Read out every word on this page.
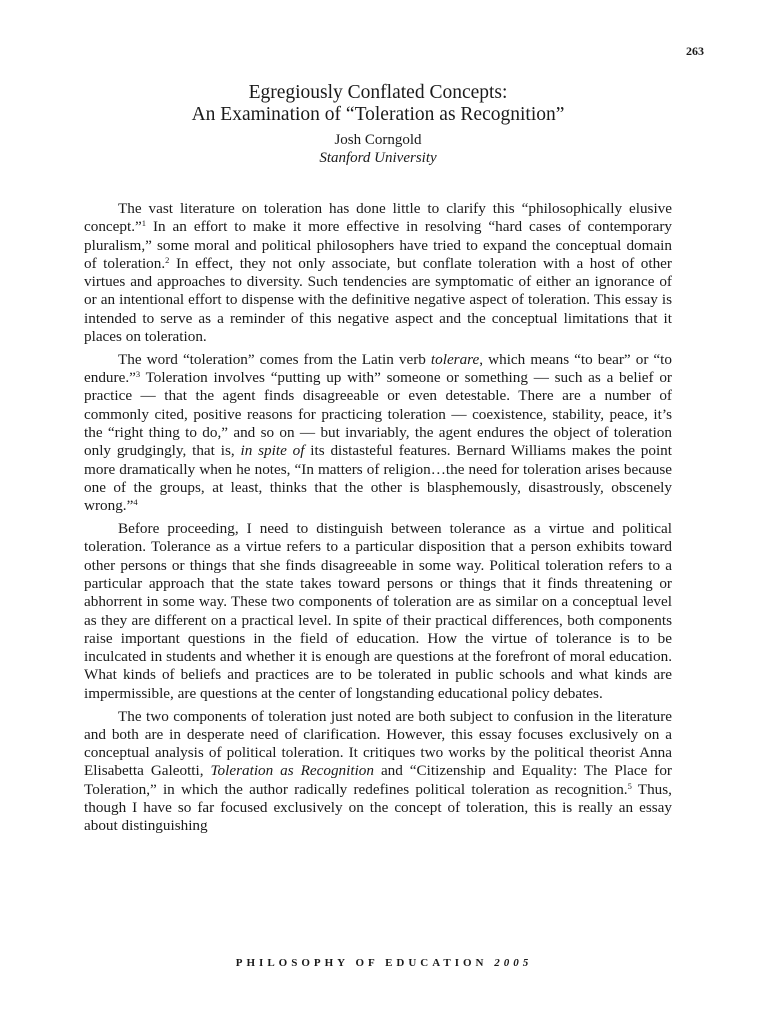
263
Egregiously Conflated Concepts:
An Examination of “Toleration as Recognition”
Josh Corngold
Stanford University

The vast literature on toleration has done little to clarify this “philosophically elusive concept.”$^1$ In an effort to make it more effective in resolving “hard cases of contemporary pluralism,” some moral and political philosophers have tried to expand the conceptual domain of toleration.$^2$ In effect, they not only associate, but conflate toleration with a host of other virtues and approaches to diversity. Such tendencies are symptomatic of either an ignorance of or an intentional effort to dispense with the definitive negative aspect of toleration. This essay is intended to serve as a reminder of this negative aspect and the conceptual limitations that it places on toleration.

The word “toleration” comes from the Latin verb tolerare, which means “to bear” or “to endure.”$^3$ Toleration involves “putting up with” someone or something — such as a belief or practice — that the agent finds disagreeable or even detestable. There are a number of commonly cited, positive reasons for practicing toleration — coexistence, stability, peace, it’s the “right thing to do,” and so on — but invariably, the agent endures the object of toleration only grudgingly, that is, in spite of its distasteful features. Bernard Williams makes the point more dramatically when he notes, “In matters of religion…the need for toleration arises because one of the groups, at least, thinks that the other is blasphemously, disastrously, obscenely wrong.”$^4$

Before proceeding, I need to distinguish between tolerance as a virtue and political toleration. Tolerance as a virtue refers to a particular disposition that a person exhibits toward other persons or things that she finds disagreeable in some way. Political toleration refers to a particular approach that the state takes toward persons or things that it finds threatening or abhorrent in some way. These two components of toleration are as similar on a conceptual level as they are different on a practical level. In spite of their practical differences, both components raise important questions in the field of education. How the virtue of tolerance is to be inculcated in students and whether it is enough are questions at the forefront of moral education. What kinds of beliefs and practices are to be tolerated in public schools and what kinds are impermissible, are questions at the center of longstanding educational policy debates.

The two components of toleration just noted are both subject to confusion in the literature and both are in desperate need of clarification. However, this essay focuses exclusively on a conceptual analysis of political toleration. It critiques two works by the political theorist Anna Elisabetta Galeotti, Toleration as Recognition and “Citizenship and Equality: The Place for Toleration,” in which the author radically redefines political toleration as recognition.$^5$ Thus, though I have so far focused exclusively on the concept of toleration, this is really an essay about distinguishing

PHILOSOPHY OF EDUCATION 2005
